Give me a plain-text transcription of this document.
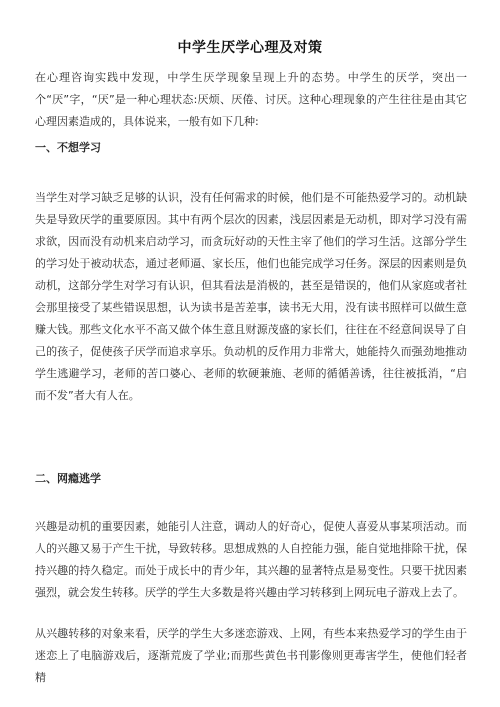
中学生厌学心理及对策

在心理咨询实践中发现，中学生厌学现象呈现上升的态势。中学生的厌学，突出一个“厌”字，“厌”是一种心理状态:厌烦、厌倦、讨厌。这种心理现象的产生往往是由其它心理因素造成的，具体说来，一般有如下几种:

一、不想学习

当学生对学习缺乏足够的认识，没有任何需求的时候，他们是不可能热爱学习的。动机缺失是导致厌学的重要原因。其中有两个层次的因素，浅层因素是无动机，即对学习没有需求欲，因而没有动机来启动学习，而贪玩好动的天性主宰了他们的学习生活。这部分学生的学习处于被动状态，通过老师逼、家长压，他们也能完成学习任务。深层的因素则是负动机，这部分学生对学习有认识，但其看法是消极的，甚至是错误的，他们从家庭或者社会那里接受了某些错误思想，认为读书是苦差事，读书无大用，没有读书照样可以做生意赚大钱。那些文化水平不高又做个体生意且财源茂盛的家长们，往往在不经意间误导了自己的孩子，促使孩子厌学而追求享乐。负动机的反作用力非常大，她能持久而强劲地推动学生逃避学习，老师的苦口婆心、老师的软硬兼施、老师的循循善诱，往往被抵消，“启而不发”者大有人在。

二、网瘾逃学

兴趣是动机的重要因素，她能引人注意，调动人的好奇心，促使人喜爱从事某项活动。而人的兴趣又易于产生干扰，导致转移。思想成熟的人自控能力强，能自觉地排除干扰，保持兴趣的持久稳定。而处于成长中的青少年，其兴趣的显著特点是易变性。只要干扰因素强烈，就会发生转移。厌学的学生大多数是将兴趣由学习转移到上网玩电子游戏上去了。

从兴趣转移的对象来看，厌学的学生大多迷恋游戏、上网，有些本来热爱学习的学生由于迷恋上了电脑游戏后，逐渐荒废了学业;而那些黄色书刊影像则更毒害学生，使他们轻者精
